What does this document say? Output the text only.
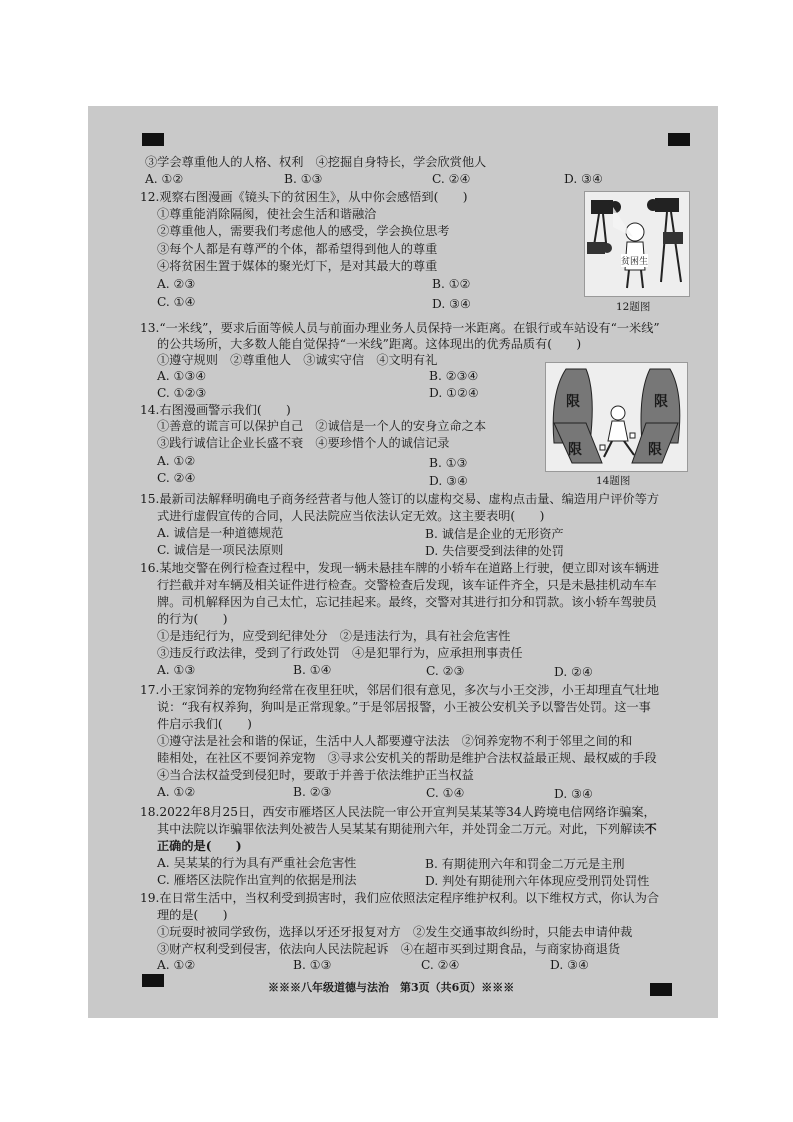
③学会尊重他人的人格、权利　④挖掘自身特长，学会欣赏他人
A. ①②	B. ①③	C. ②④	D. ③④
12.观察右图漫画《镜头下的贫困生》，从中你会感悟到(　　)
①尊重能消除隔阂，使社会生活和谐融洽
②尊重他人，需要我们考虑他人的感受，学会换位思考
③每个人都是有尊严的个体，都希望得到他人的尊重
④将贫困生置于媒体的聚光灯下，是对其最大的尊重
A. ②③	B. ①②
C. ①④	D. ③④
贫困生
12题图
13.“一米线”，要求后面等候人员与前面办理业务人员保持一米距离。在银行或车站设有“一米线”
的公共场所，大多数人能自觉保持“一米线”距离。这体现出的优秀品质有(　　)
①遵守规则　②尊重他人　③诚实守信　④文明有礼
A. ①③④	B. ②③④
C. ①②③	D. ①②④
14.右图漫画警示我们(　　)
①善意的谎言可以保护自己　②诚信是一个人的安身立命之本
③践行诚信让企业长盛不衰　④要珍惜个人的诚信记录
A. ①②	B. ①③
C. ②④	D. ③④
限	限
限	限
14题图
15.最新司法解释明确电子商务经营者与他人签订的以虚构交易、虚构点击量、编造用户评价等方
式进行虚假宣传的合同，人民法院应当依法认定无效。这主要表明(　　)
A. 诚信是一种道德规范	B. 诚信是企业的无形资产
C. 诚信是一项民法原则	D. 失信要受到法律的处罚
16.某地交警在例行检查过程中，发现一辆未悬挂车牌的小轿车在道路上行驶，便立即对该车辆进
行拦截并对车辆及相关证件进行检查。交警检查后发现，该车证件齐全，只是未悬挂机动车车
牌。司机解释因为自己太忙，忘记挂起来。最终，交警对其进行扣分和罚款。该小轿车驾驶员
的行为(　　)
①是违纪行为，应受到纪律处分　②是违法行为，具有社会危害性
③违反行政法律，受到了行政处罚　④是犯罪行为，应承担刑事责任
A. ①③	B. ①④	C. ②③	D. ②④
17.小王家饲养的宠物狗经常在夜里狂吠，邻居们很有意见，多次与小王交涉，小王却理直气壮地
说：“我有权养狗，狗叫是正常现象。”于是邻居报警，小王被公安机关予以警告处罚。这一事
件启示我们(　　)
①遵守法是社会和谐的保证，生活中人人都要遵守法法　②饲养宠物不利于邻里之间的和
睦相处，在社区不要饲养宠物　③寻求公安机关的帮助是维护合法权益最正规、最权威的手段
④当合法权益受到侵犯时，要敢于并善于依法维护正当权益
A. ①②	B. ②③	C. ①④	D. ③④
18.2022年8月25日，西安市雁塔区人民法院一审公开宣判吴某某等34人跨境电信网络诈骗案，
其中法院以诈骗罪依法判处被告人吴某某有期徒刑六年，并处罚金二万元。对此，下列解读不
正确的是(　　)
A. 吴某某的行为具有严重社会危害性	B. 有期徒刑六年和罚金二万元是主刑
C. 雁塔区法院作出宣判的依据是刑法	D. 判处有期徒刑六年体现应受刑罚处罚性
19.在日常生活中，当权利受到损害时，我们应依照法定程序维护权利。以下维权方式，你认为合
理的是(　　)
①玩耍时被同学致伤，选择以牙还牙报复对方　②发生交通事故纠纷时，只能去申请仲裁
③财产权利受到侵害，依法向人民法院起诉　④在超市买到过期食品，与商家协商退货
A. ①②	B. ①③	C. ②④	D. ③④
※※※八年级道德与法治　第3页（共6页）※※※
